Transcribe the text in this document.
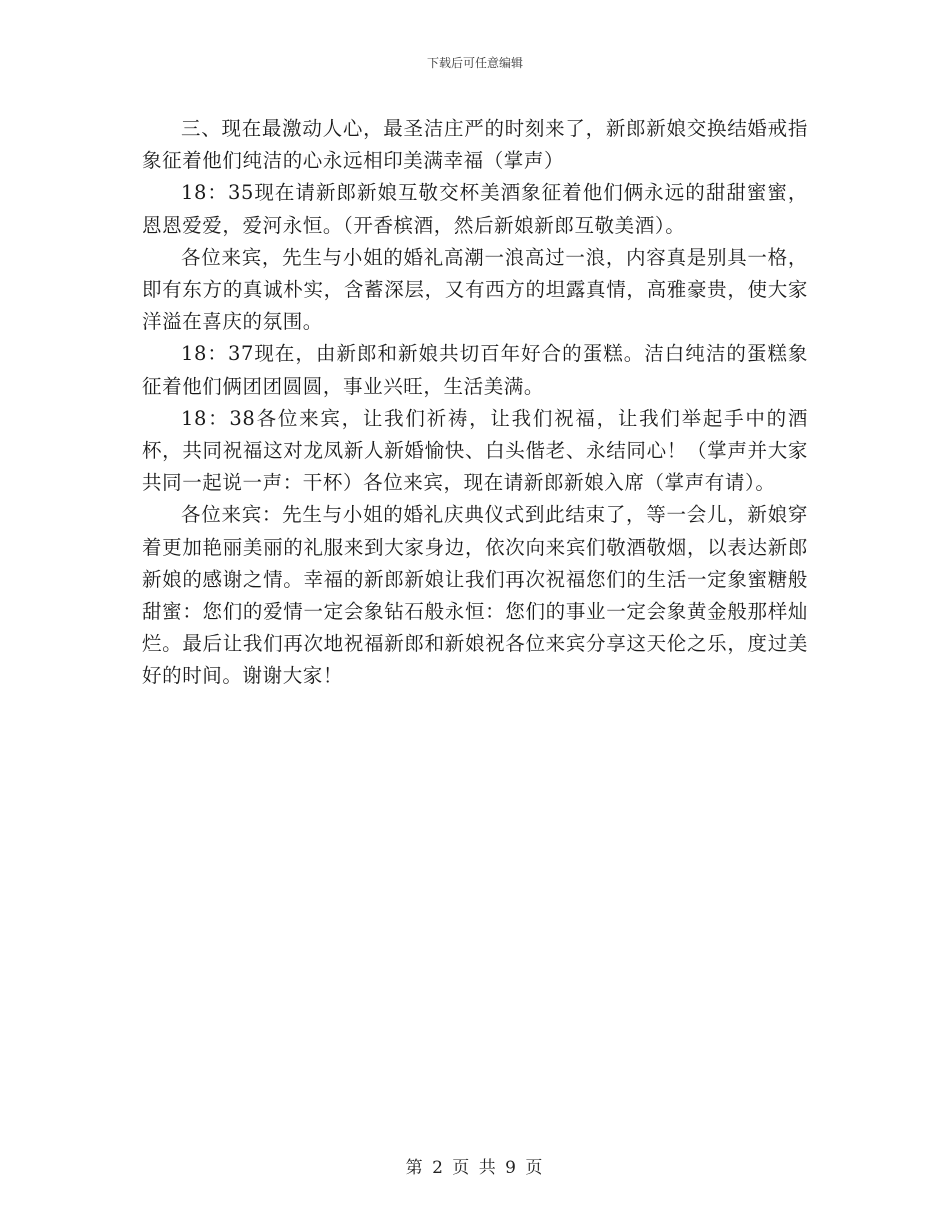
下载后可任意编辑

三、现在最激动人心，最圣洁庄严的时刻来了，新郎新娘交换结婚戒指象征着他们纯洁的心永远相印美满幸福（掌声）

18：35现在请新郎新娘互敬交杯美酒象征着他们俩永远的甜甜蜜蜜，恩恩爱爱，爱河永恒。（开香槟酒，然后新娘新郎互敬美酒）。

各位来宾，先生与小姐的婚礼高潮一浪高过一浪，内容真是别具一格，即有东方的真诚朴实，含蓄深层，又有西方的坦露真情，高雅豪贵，使大家洋溢在喜庆的氛围。

18：37现在，由新郎和新娘共切百年好合的蛋糕。洁白纯洁的蛋糕象征着他们俩团团圆圆，事业兴旺，生活美满。

18：38各位来宾，让我们祈祷，让我们祝福，让我们举起手中的酒杯，共同祝福这对龙凤新人新婚愉快、白头偕老、永结同心！（掌声并大家共同一起说一声：干杯）各位来宾，现在请新郎新娘入席（掌声有请）。

各位来宾：先生与小姐的婚礼庆典仪式到此结束了，等一会儿，新娘穿着更加艳丽美丽的礼服来到大家身边，依次向来宾们敬酒敬烟，以表达新郎新娘的感谢之情。幸福的新郎新娘让我们再次祝福您们的生活一定象蜜糖般甜蜜：您们的爱情一定会象钻石般永恒：您们的事业一定会象黄金般那样灿烂。最后让我们再次地祝福新郎和新娘祝各位来宾分享这天伦之乐，度过美好的时间。谢谢大家！

第 2 页 共 9 页
